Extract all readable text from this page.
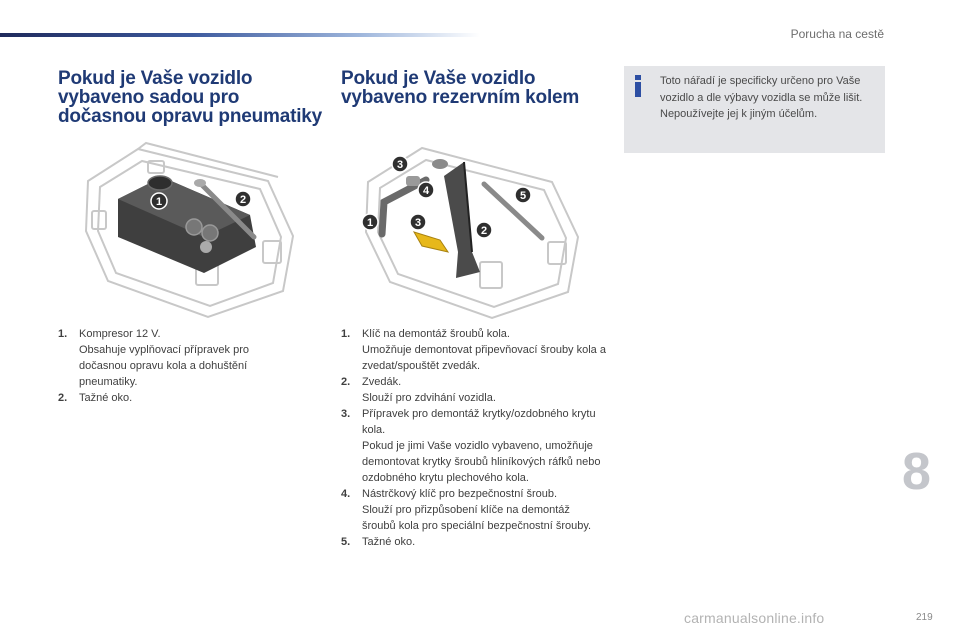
Porucha na cestě
Pokud je Vaše vozidlo
vybaveno sadou pro
dočasnou opravu pneumatiky
Pokud je Vaše vozidlo
vybaveno rezervním kolem

Toto nářadí je specificky určeno pro Vaše vozidlo a dle výbavy vozidla se může lišit. Nepoužívejte jej k jiným účelům.

1	2
3
4	5
1	3
2
1. Kompresor 12 V.
Obsahuje vyplňovací přípravek pro dočasnou opravu kola a dohuštění pneumatiky.
2. Tažné oko.
1. Klíč na demontáž šroubů kola.
Umožňuje demontovat připevňovací šrouby kola a zvedat/spouštět zvedák.
2. Zvedák.
Slouží pro zdvihání vozidla.
3. Přípravek pro demontáž krytky/ozdobného krytu kola.
Pokud je jimi Vaše vozidlo vybaveno, umožňuje demontovat krytky šroubů hliníkových ráfků nebo ozdobného krytu plechového kola.
4. Nástrčkový klíč pro bezpečnostní šroub.
Slouží pro přizpůsobení klíče na demontáž šroubů kola pro speciální bezpečnostní šrouby.
5. Tažné oko.
8
carmanualsonline.info	219
